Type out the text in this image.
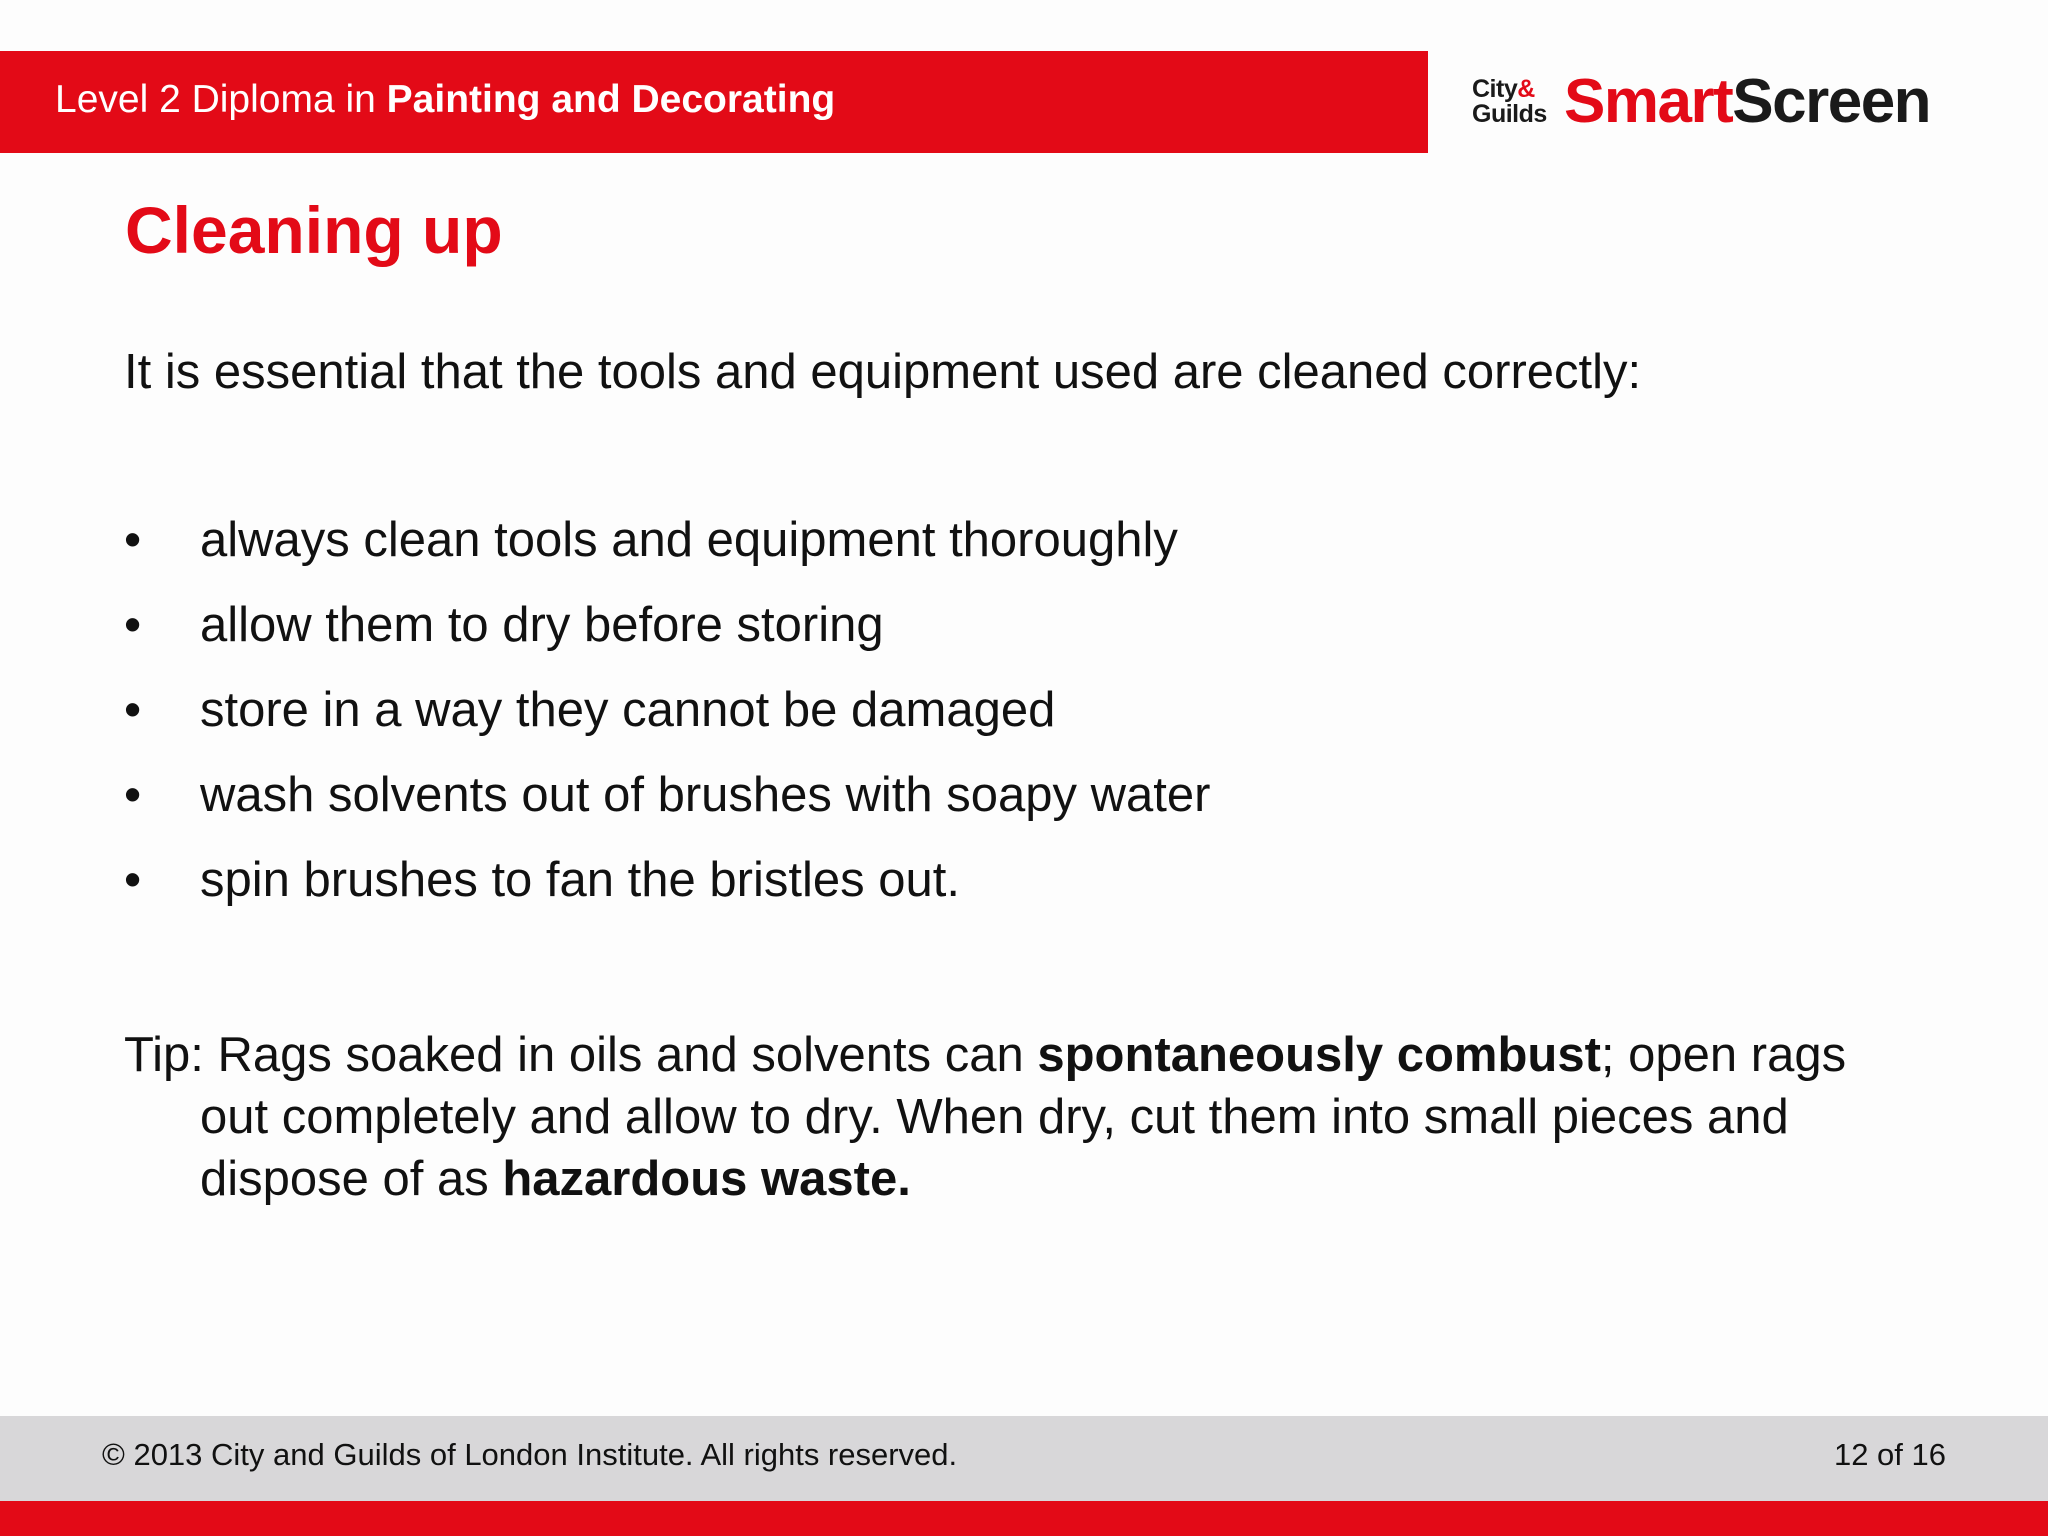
Level 2 Diploma in Painting and Decorating	City&
Guilds SmartScreen
Cleaning up

It is essential that the tools and equipment used are cleaned correctly:

• always clean tools and equipment thoroughly
• allow them to dry before storing
• store in a way they cannot be damaged
• wash solvents out of brushes with soapy water
• spin brushes to fan the bristles out.
Tip: Rags soaked in oils and solvents can spontaneously combust; open rags
out completely and allow to dry. When dry, cut them into small pieces and
dispose of as hazardous waste.
© 2013 City and Guilds of London Institute. All rights reserved.	12 of 16
